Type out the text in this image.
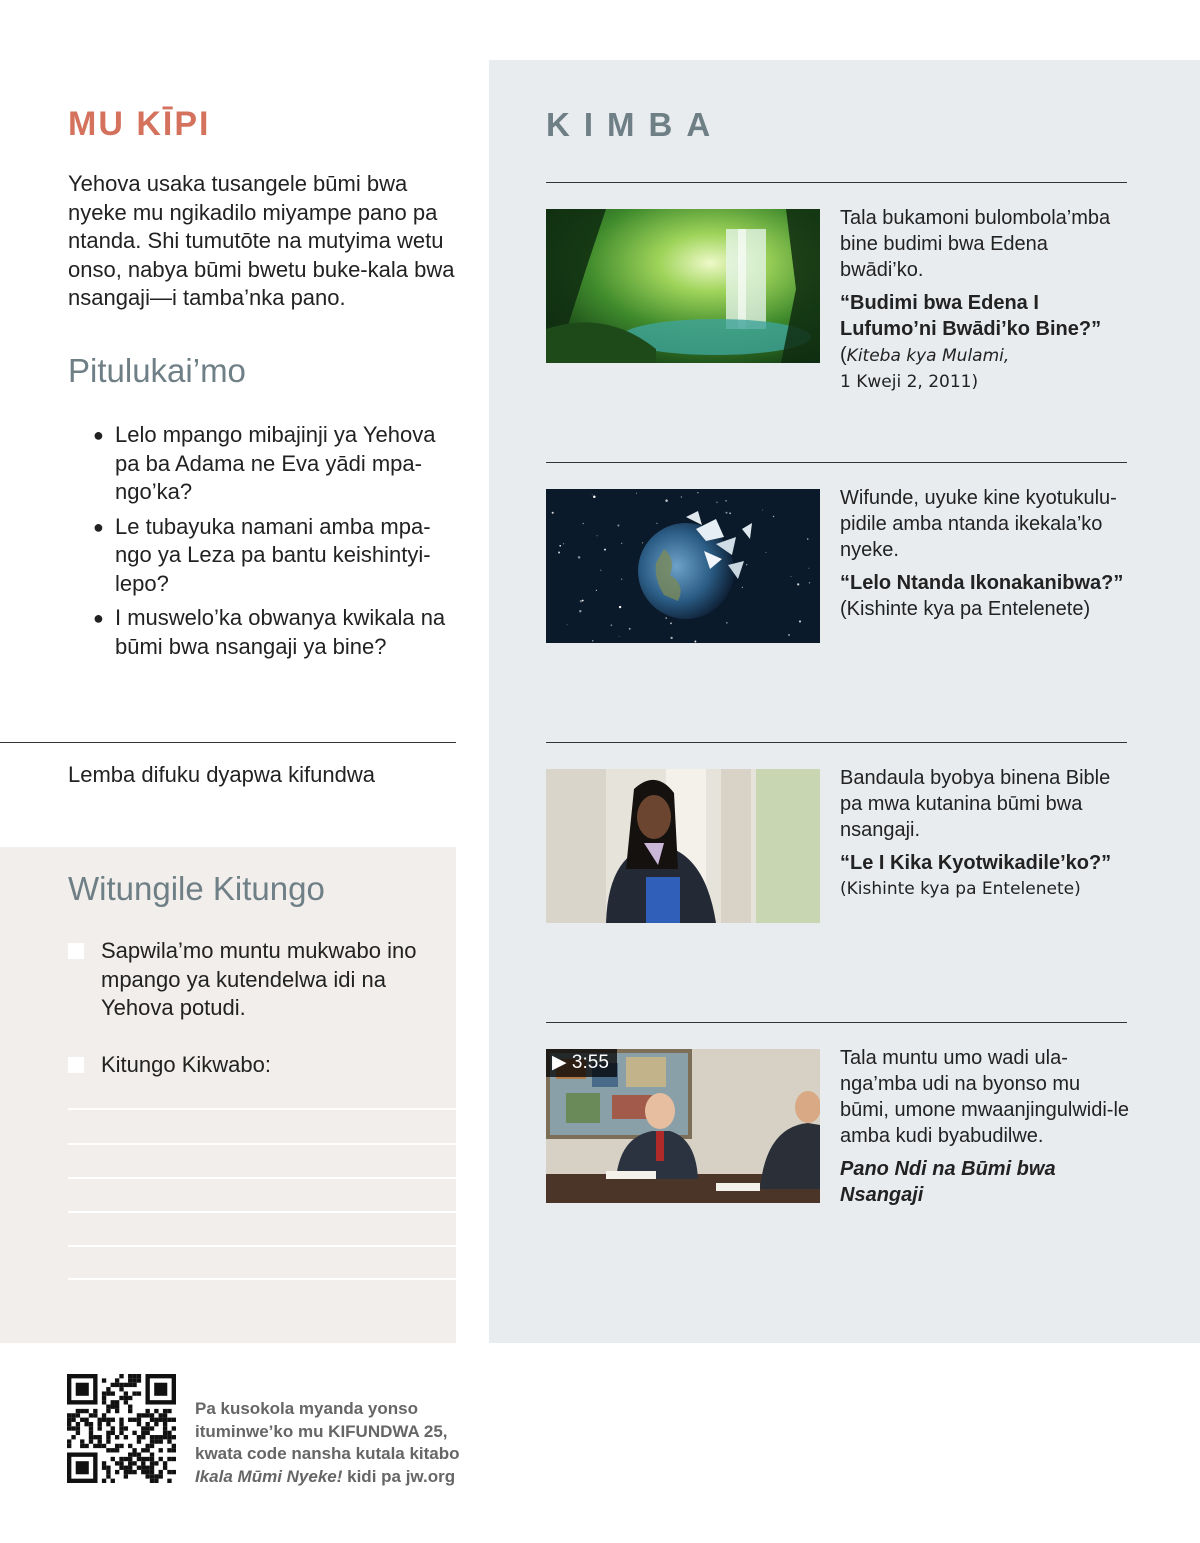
MU KĪPI

Yehova usaka tusangele būmi bwa nyeke mu ngikadilo miyampe pano pa ntanda. Shi tumutōte na mutyima wetu onso, nabya būmi bwetu buke-kala bwa nsangaji—i tamba’nka pano.

Pitulukai’mo
● Lelo mpango mibajinji ya Yehova pa ba Adama ne Eva yādi mpa-ngo’ka?
● Le tubayuka namani amba mpa-ngo ya Leza pa bantu keishintyi-lepo?
● I muswelo’ka obwanya kwikala na būmi bwa nsangaji ya bine?

Lemba difuku dyapwa kifundwa

Witungile Kitungo
Sapwila’mo muntu mukwabo ino mpango ya kutendelwa idi na Yehova potudi.
Kitungo Kikwabo:
KIMBA

Tala bukamoni bulombola’mba bine budimi bwa Edena bwādi’ko.
“Budimi bwa Edena I Lufumo’ni Bwādi’ko Bine?” (Kiteba kya Mulami,
1 Kweji 2, 2011)

Wifunde, uyuke kine kyotukulu-pidile amba ntanda ikekala’ko nyeke.
“Lelo Ntanda Ikonakanibwa?”
(Kishinte kya pa Entelenete)

Bandaula byobya binena Bible pa mwa kutanina būmi bwa nsangaji.
“Le I Kika Kyotwikadile’ko?”
(Kishinte kya pa Entelenete)

▶ 3:55	Tala muntu umo wadi ula-nga’mba udi na byonso mu būmi, umone mwaanjingulwidi-le amba kudi byabudilwe.
Pano Ndi na Būmi bwa Nsangaji

Pa kusokola myanda yonso
ituminwe’ko mu KIFUNDWA 25,
kwata code nansha kutala kitabo
Ikala Mūmi Nyeke! kidi pa jw.org
